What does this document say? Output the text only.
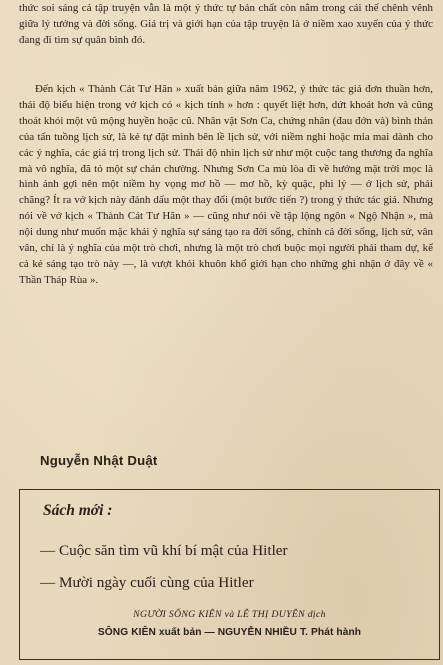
thức soi sáng cả tập truyện vẫn là một ý thức tự bản chất còn nằm trong cái thế chênh vênh giữa lý tưởng và đời sống. Giá trị và giới hạn của tập truyện là ở niềm xao xuyến của ý thức đang đi tìm sự quân bình đó.

Đến kịch « Thành Cát Tư Hãn » xuất bản giữa năm 1962, ý thức tác giả đơn thuần hơn, thái độ biểu hiện trong vở kịch có « kịch tính » hơn : quyết liệt hơn, dứt khoát hơn và cũng thoát khỏi một vũ mộng huyền hoặc cũ. Nhân vật Sơn Ca, chứng nhân (đau đớn và) bình thản của tấn tuồng lịch sử, là kẻ tự đặt mình bên lề lịch sử, với niềm nghi hoặc mỉa mai dành cho các ý nghĩa, các giá trị trong lịch sử. Thái độ nhìn lịch sử như một cuộc tang thương đa nghĩa mà vô nghĩa, đã tỏ một sự chán chường. Nhưng Sơn Ca mù lòa đi về hướng mặt trời mọc là hình ảnh gợi nên một niềm hy vọng mơ hồ — mơ hồ, kỳ quặc, phi lý — ở lịch sử, phải chăng? Ít ra vở kịch này đánh dấu một thay đổi (một bước tiến ?) trong ý thức tác giả. Nhưng nói về vở kịch « Thành Cát Tư Hãn » — cũng như nói về tập lộng ngôn « Ngộ Nhận », mà nội dung như muốn mặc khải ý nghĩa sự sáng tạo ra đời sống, chính cả đời sống, lịch sử, vân vân, chỉ là ý nghĩa của một trò chơi, nhưng là một trò chơi buộc mọi người phải tham dự, kể cả kẻ sáng tạo trò này —, là vượt khỏi khuôn khổ giới hạn cho những ghi nhận ở đây về « Thần Tháp Rùa ».

Nguyễn Nhật Duật
Sách mới :
— Cuộc săn tìm vũ khí bí mật của Hitler
— Mười ngày cuối cùng của Hitler
NGƯỜI SỐNG KIÊN và LÊ THỊ DUYÊN dịch
SÔNG KIÊN xuất bản — NGUYỄN NHIỀU T. Phát hành
